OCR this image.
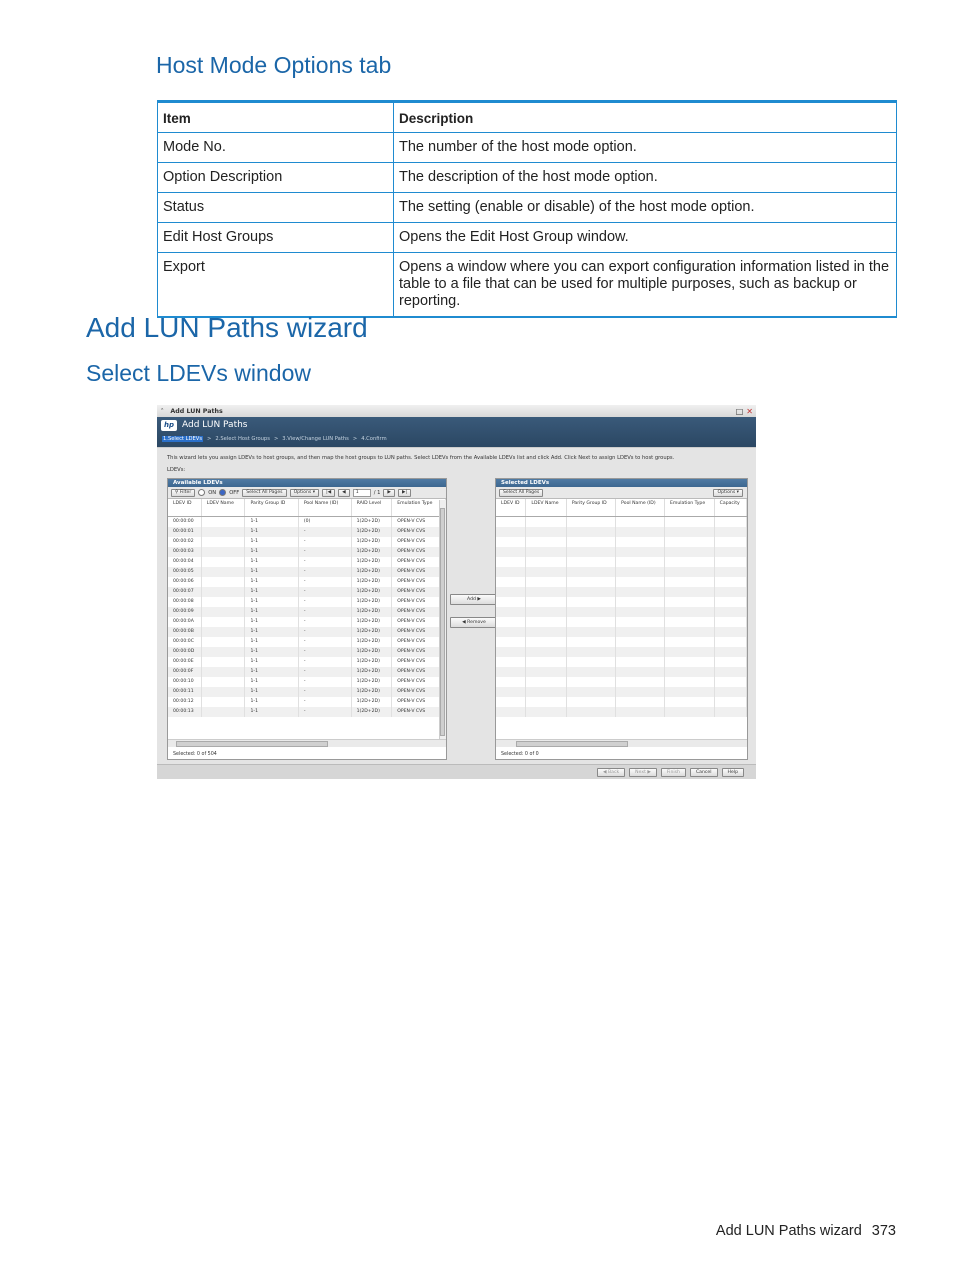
Host Mode Options tab
Item	Description
Mode No.	The number of the host mode option.
Option Description	The description of the host mode option.
Status	The setting (enable or disable) of the host mode option.
Edit Host Groups	Opens the Edit Host Group window.
Export	Opens a window where you can export configuration information listed in the table to a file that can be used for multiple purposes, such as backup or reporting.
Add LUN Paths wizard
Select LDEVs window
⌃ Add LUN Paths	□ ✕
hp Add LUN Paths
1.Select LDEVs > 2.Select Host Groups > 3.View/Change LUN Paths > 4.Confirm
This wizard lets you assign LDEVs to host groups, and then map the host groups to LUN paths. Select LDEVs from the Available LDEVs list and click Add. Click Next to assign LDEVs to host groups.
LDEVs:
Available LDEVs
⚲ Filter	ON	OFF	Select All Pages	Options ▾	|◀	◀	1	/ 1	▶	▶|
LDEV ID	LDEV Name	Parity Group ID	Pool Name (ID)	RAID Level	Emulation Type
00:00:00		1-1	(0)	1(2D+2D)	OPEN-V CVS
00:00:01		1-1	-	1(2D+2D)	OPEN-V CVS
00:00:02		1-1	-	1(2D+2D)	OPEN-V CVS
00:00:03		1-1	-	1(2D+2D)	OPEN-V CVS
00:00:04		1-1	-	1(2D+2D)	OPEN-V CVS
00:00:05		1-1	-	1(2D+2D)	OPEN-V CVS
00:00:06		1-1	-	1(2D+2D)	OPEN-V CVS
00:00:07		1-1	-	1(2D+2D)	OPEN-V CVS
00:00:08		1-1	-	1(2D+2D)	OPEN-V CVS
00:00:09		1-1	-	1(2D+2D)	OPEN-V CVS
00:00:0A		1-1	-	1(2D+2D)	OPEN-V CVS
00:00:0B		1-1	-	1(2D+2D)	OPEN-V CVS
00:00:0C		1-1	-	1(2D+2D)	OPEN-V CVS
00:00:0D		1-1	-	1(2D+2D)	OPEN-V CVS
00:00:0E		1-1	-	1(2D+2D)	OPEN-V CVS
00:00:0F		1-1	-	1(2D+2D)	OPEN-V CVS
00:00:10		1-1	-	1(2D+2D)	OPEN-V CVS
00:00:11		1-1	-	1(2D+2D)	OPEN-V CVS
00:00:12		1-1	-	1(2D+2D)	OPEN-V CVS
00:00:13		1-1	-	1(2D+2D)	OPEN-V CVS
Selected: 0 of 504
Add ▶
◀ Remove
Selected LDEVs
Select All Pages	Options ▾
LDEV ID	LDEV Name	Parity Group ID	Pool Name (ID)	Emulation Type	Capacity

Selected: 0 of 0
◀ Back	Next ▶	Finish	Cancel	Help
Add LUN Paths wizard 373
